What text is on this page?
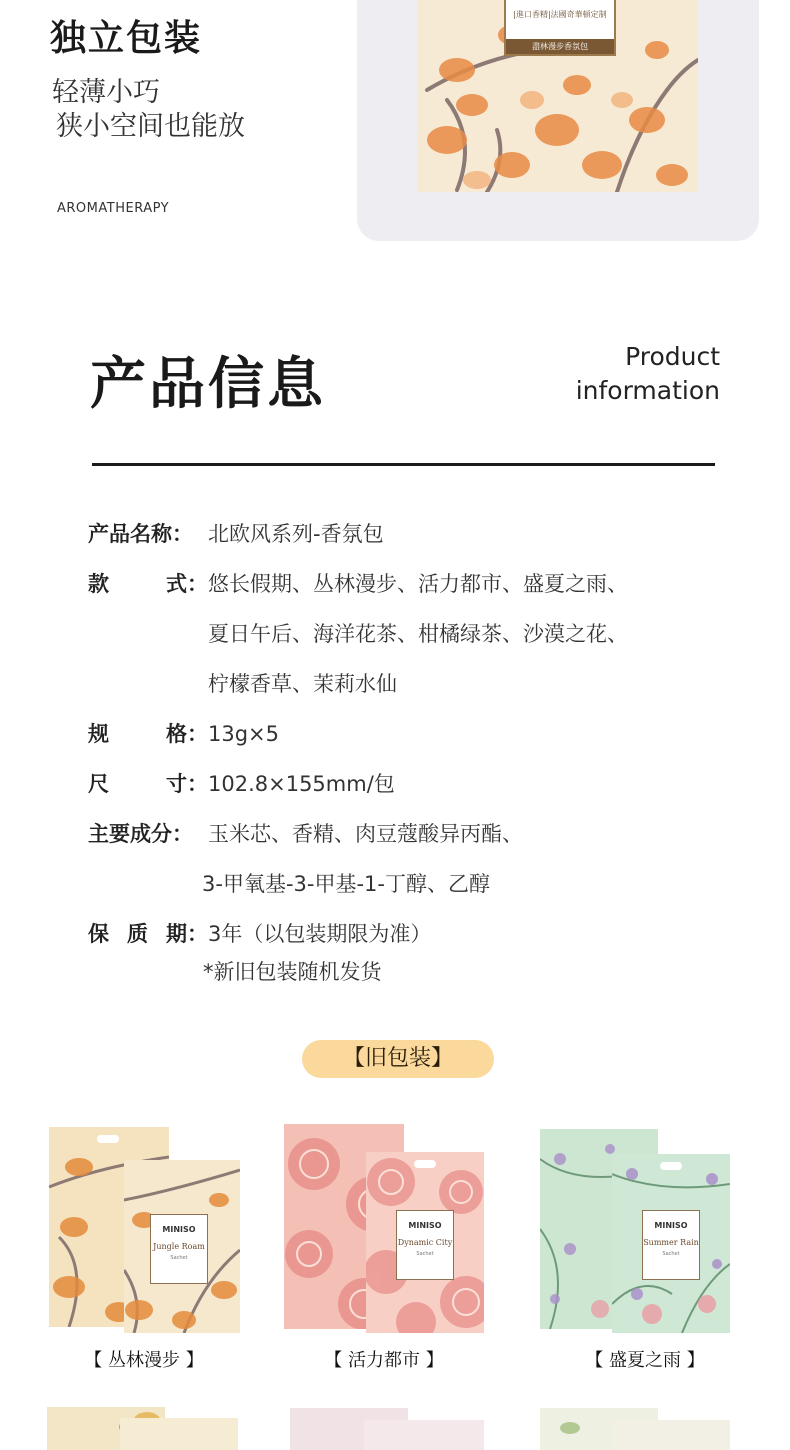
独立包装
轻薄小巧
狭小空间也能放
AROMATHERAPY
|進口香精|法國奇華頓定制
盡林漫步香氛包
产品信息	Product
information
产品名称： 北欧风系列-香氛包
款	式： 悠长假期、丛林漫步、活力都市、盛夏之雨、
夏日午后、海洋花茶、柑橘绿茶、沙漠之花、
柠檬香草、茉莉水仙
规	格： 13g×5
尺	寸： 102.8×155mm/包
主要成分： 玉米芯、香精、肉豆蔻酸异丙酯、
3-甲氧基-3-甲基-1-丁醇、乙醇
保 质 期： 3年（以包装期限为准）
*新旧包装随机发货
【旧包装】
MINISO
Jungle Roam
Sachet
【 丛林漫步 】
MINISO
Dynamic City
Sachet
【 活力都市 】
MINISO
Summer Rain
Sachet
【 盛夏之雨 】
